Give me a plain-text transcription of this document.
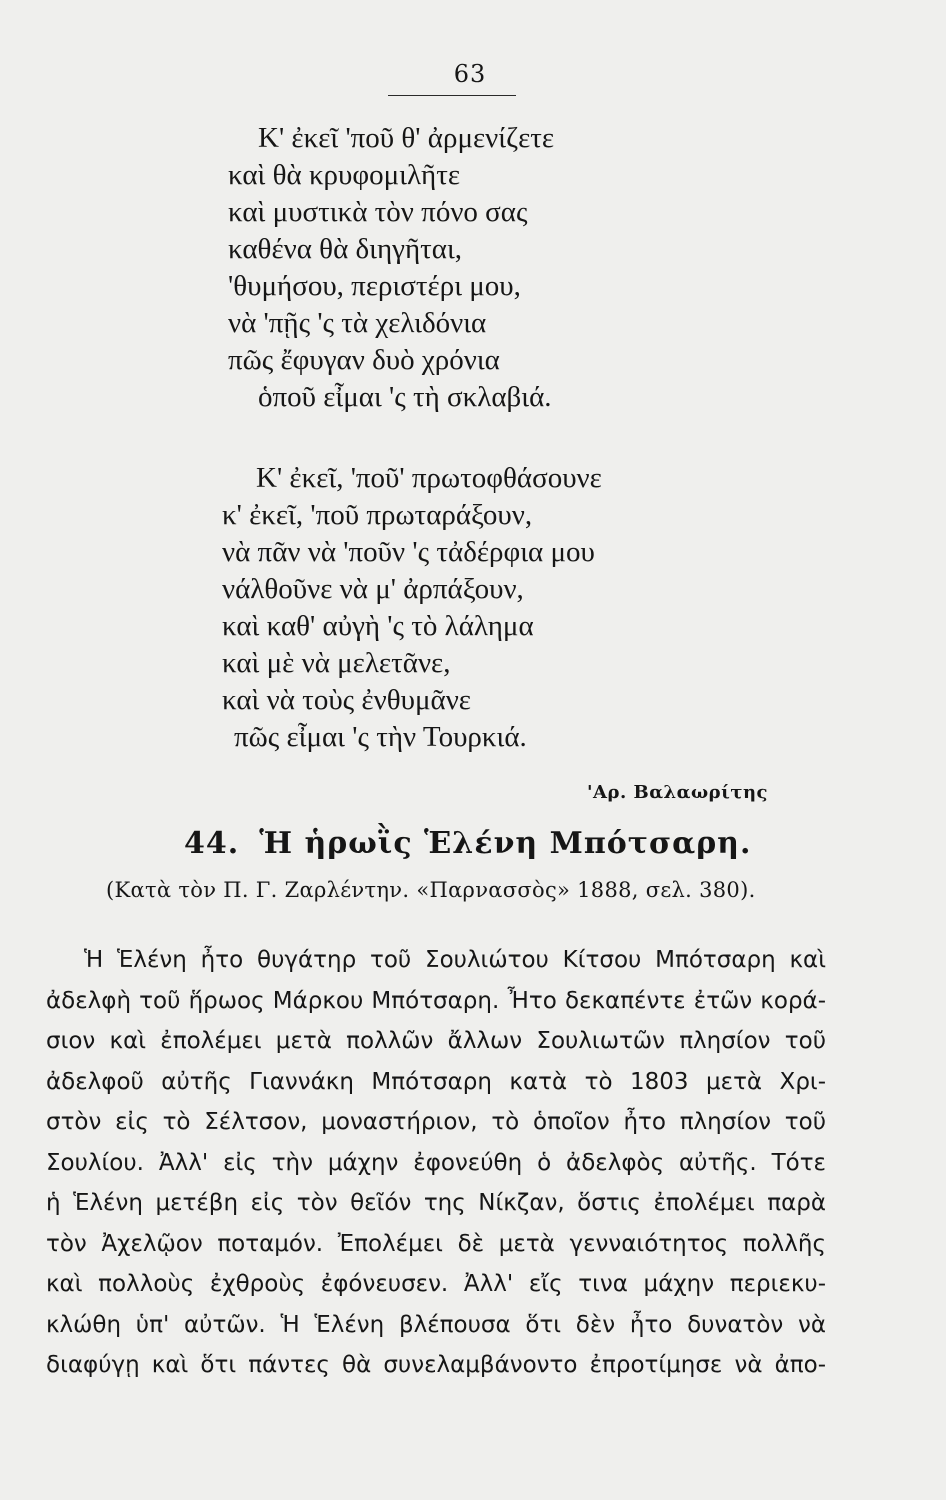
63
Κ' ἐκεῖ 'ποῦ θ' ἀρμενίζετε
καὶ θὰ κρυφομιλῆτε
καὶ μυστικὰ τὸν πόνο σας
καθένα θὰ διηγῆται,
'θυμήσου, περιστέρι μου,
νὰ 'πῇς 'ς τὰ χελιδόνια
πῶς ἔφυγαν δυὸ χρόνια
ὁποῦ εἶμαι 'ς τὴ σκλαβιά.
Κ' ἐκεῖ, 'ποῦ' πρωτοφθάσουνε
κ' ἐκεῖ, 'ποῦ πρωταράξουν,
νὰ πᾶν νὰ 'ποῦν 'ς τἀδέρφια μου
νάλθοῦνε νὰ μ' ἀρπάξουν,
καὶ καθ' αὐγὴ 'ς τὸ λάλημα
καὶ μὲ νὰ μελετᾶνε,
καὶ νὰ τοὺς ἐνθυμᾶνε
πῶς εἶμαι 'ς τὴν Τουρκιά.
'Αρ. Βαλαωρίτης
44. Ἡ ἡρωῒς Ἑλένη Μπότσαρη.
(Κατὰ τὸν Π. Γ. Ζαρλέντην. «Παρνασσὸς» 1888, σελ. 380).
Ἡ Ἑλένη ἦτο θυγάτηρ τοῦ Σουλιώτου Κίτσου Μπότσαρη καὶ
ἀδελφὴ τοῦ ἥρωος Μάρκου Μπότσαρη. Ἦτο δεκαπέντε ἐτῶν κορά-
σιον καὶ ἐπολέμει μετὰ πολλῶν ἄλλων Σουλιωτῶν πλησίον τοῦ
ἀδελφοῦ αὐτῆς Γιαννάκη Μπότσαρη κατὰ τὸ 1803 μετὰ Χρι-
στὸν εἰς τὸ Σέλτσον, μοναστήριον, τὸ ὁποῖον ἦτο πλησίον τοῦ
Σουλίου. Ἀλλ' εἰς τὴν μάχην ἐφονεύθη ὁ ἀδελφὸς αὐτῆς. Τότε
ἡ Ἑλένη μετέβη εἰς τὸν θεῖόν της Νίκζαν, ὅστις ἐπολέμει παρὰ
τὸν Ἀχελῷον ποταμόν. Ἐπολέμει δὲ μετὰ γενναιότητος πολλῆς
καὶ πολλοὺς ἐχθροὺς ἐφόνευσεν. Ἀλλ' εἴς τινα μάχην περιεκυ-
κλώθη ὑπ' αὐτῶν. Ἡ Ἑλένη βλέπουσα ὅτι δὲν ἦτο δυνατὸν νὰ
διαφύγῃ καὶ ὅτι πάντες θὰ συνελαμβάνοντο ἐπροτίμησε νὰ ἀπο-
